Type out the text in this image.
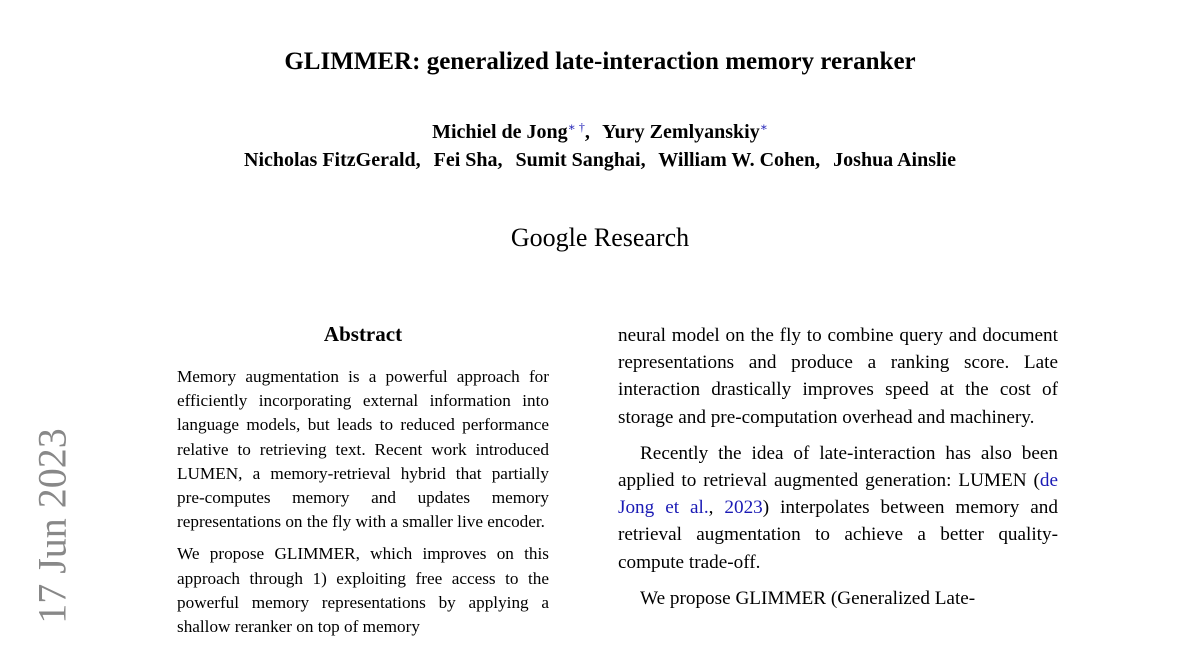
GLIMMER: generalized late-interaction memory reranker
Michiel de Jong∗ †, Yury Zemlyanskiy∗
Nicholas FitzGerald, Fei Sha, Sumit Sanghai, William W. Cohen, Joshua Ainslie
Google Research
17 Jun 2023
Abstract

Memory augmentation is a powerful approach for efficiently incorporating external information into language models, but leads to reduced performance relative to retrieving text. Recent work introduced LUMEN, a memory-retrieval hybrid that partially pre-computes memory and updates memory representations on the fly with a smaller live encoder.

We propose GLIMMER, which improves on this approach through 1) exploiting free access to the powerful memory representations by applying a shallow reranker on top of memory

neural model on the fly to combine query and document representations and produce a ranking score. Late interaction drastically improves speed at the cost of storage and pre-computation overhead and machinery.

Recently the idea of late-interaction has also been applied to retrieval augmented generation: LUMEN (de Jong et al., 2023) interpolates between memory and retrieval augmentation to achieve a better quality-compute trade-off.

We propose GLIMMER (Generalized Late-
